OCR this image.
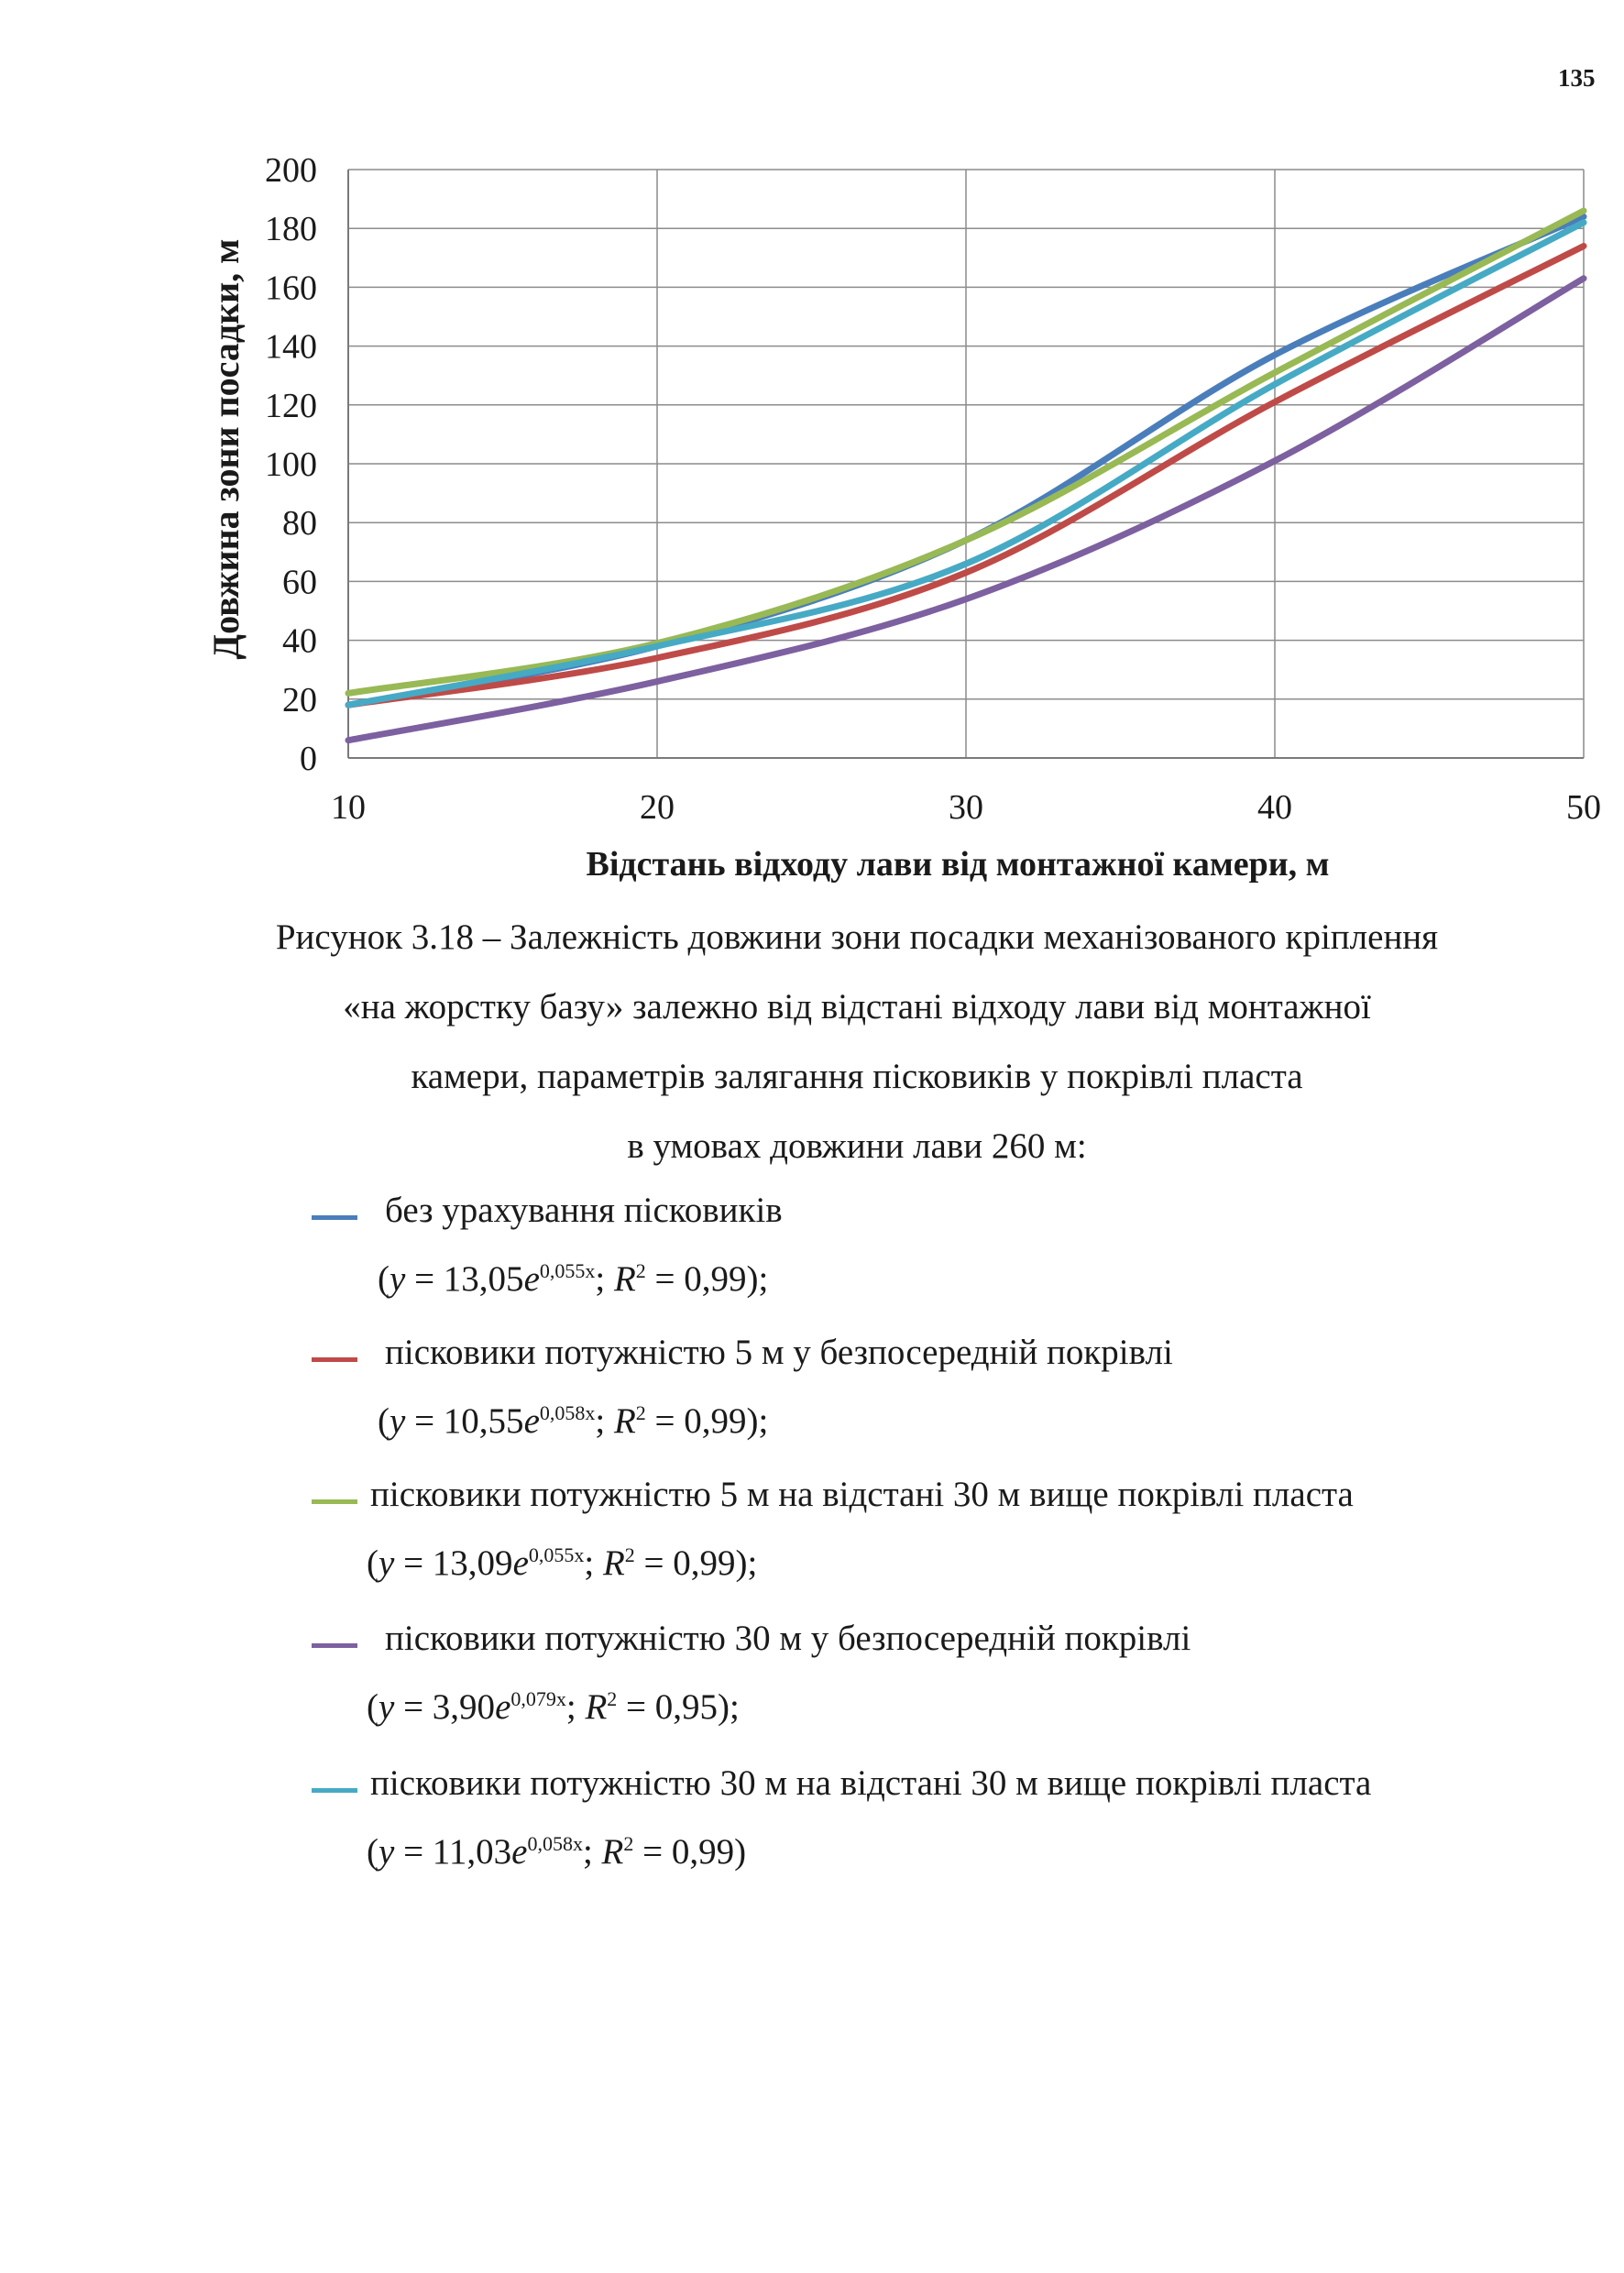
135
0
20
40
60
80
100
120
140
160
180
200
10	20	30	40	50
Довжина зони посадки, м
Відстань відходу лави від монтажної камери, м
Рисунок 3.18 – Залежність довжини зони посадки механізованого кріплення
«на жорстку базу» залежно від відстані відходу лави від монтажної
камери, параметрів залягання пісковиків у покрівлі пласта
в умовах довжини лави 260 м:
без урахування пісковиків
($y = 13,05e^{0,055x}$; $R^2 = 0,99$);
пісковики потужністю 5 м у безпосередній покрівлі
($y = 10,55e^{0,058x}$; $R^2 = 0,99$);
пісковики потужністю 5 м на відстані 30 м вище покрівлі пласта
($y = 13,09e^{0,055x}$; $R^2 = 0,99$);
пісковики потужністю 30 м у безпосередній покрівлі
($y = 3,90e^{0,079x}$; $R^2 = 0,95$);
пісковики потужністю 30 м на відстані 30 м вище покрівлі пласта
($y = 11,03e^{0,058x}$; $R^2 = 0,99$)
